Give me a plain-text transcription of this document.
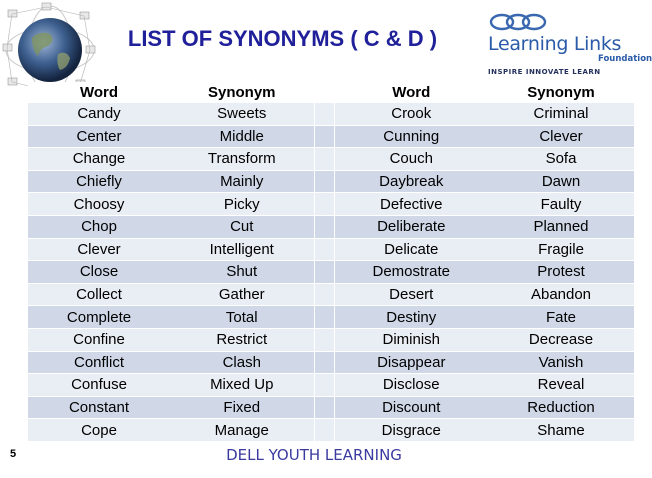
LIST OF SYNONYMS ( C & D )	Learning Links
Foundation
INSPIRE INNOVATE LEARN
Word	Synonym		Word	Synonym
Candy	Sweets		Crook	Criminal
Center	Middle		Cunning	Clever
Change	Transform		Couch	Sofa
Chiefly	Mainly		Daybreak	Dawn
Choosy	Picky		Defective	Faulty
Chop	Cut		Deliberate	Planned
Clever	Intelligent		Delicate	Fragile
Close	Shut		Demostrate	Protest
Collect	Gather		Desert	Abandon
Complete	Total		Destiny	Fate
Confine	Restrict		Diminish	Decrease
Conflict	Clash		Disappear	Vanish
Confuse	Mixed Up		Disclose	Reveal
Constant	Fixed		Discount	Reduction
Cope	Manage		Disgrace	Shame
5	DELL YOUTH LEARNING
